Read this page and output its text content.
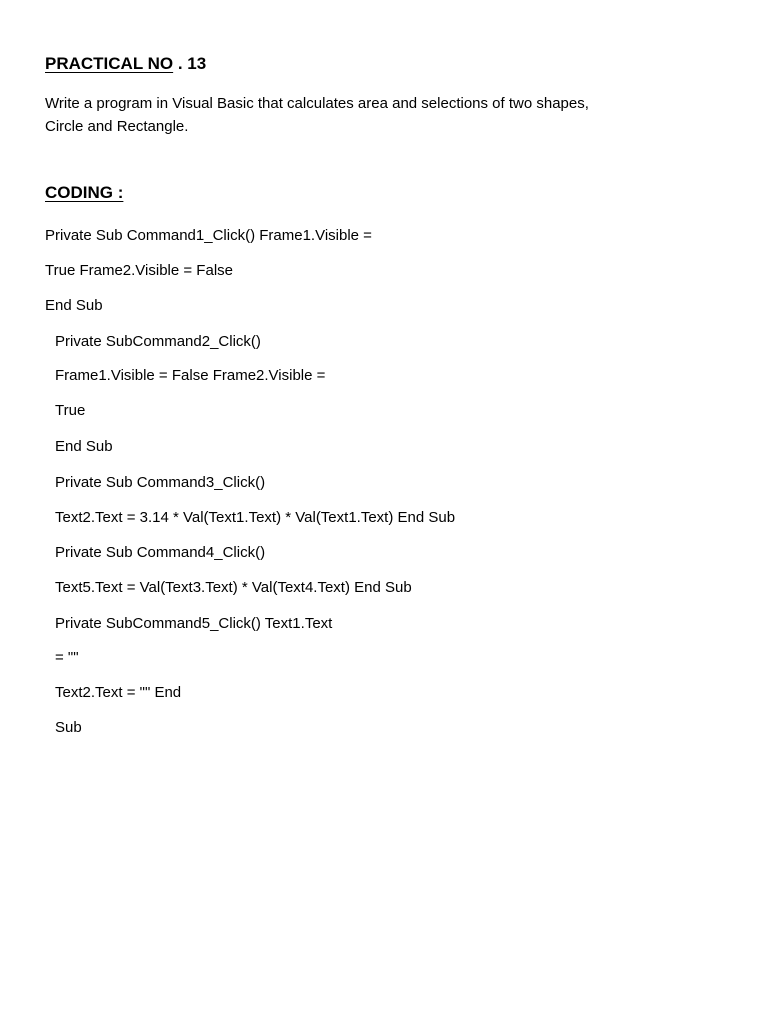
PRACTICAL NO . 13
Write a program in Visual Basic that calculates area and selections of two shapes,
Circle and Rectangle.
CODING :
Private Sub Command1_Click() Frame1.Visible =
True Frame2.Visible = False
End Sub
Private SubCommand2_Click()
Frame1.Visible = False Frame2.Visible =
True
End Sub
Private Sub Command3_Click()
Text2.Text = 3.14 * Val(Text1.Text) * Val(Text1.Text) End Sub
Private Sub Command4_Click()
Text5.Text = Val(Text3.Text) * Val(Text4.Text) End Sub
Private SubCommand5_Click() Text1.Text
= ""
Text2.Text = "" End
Sub
